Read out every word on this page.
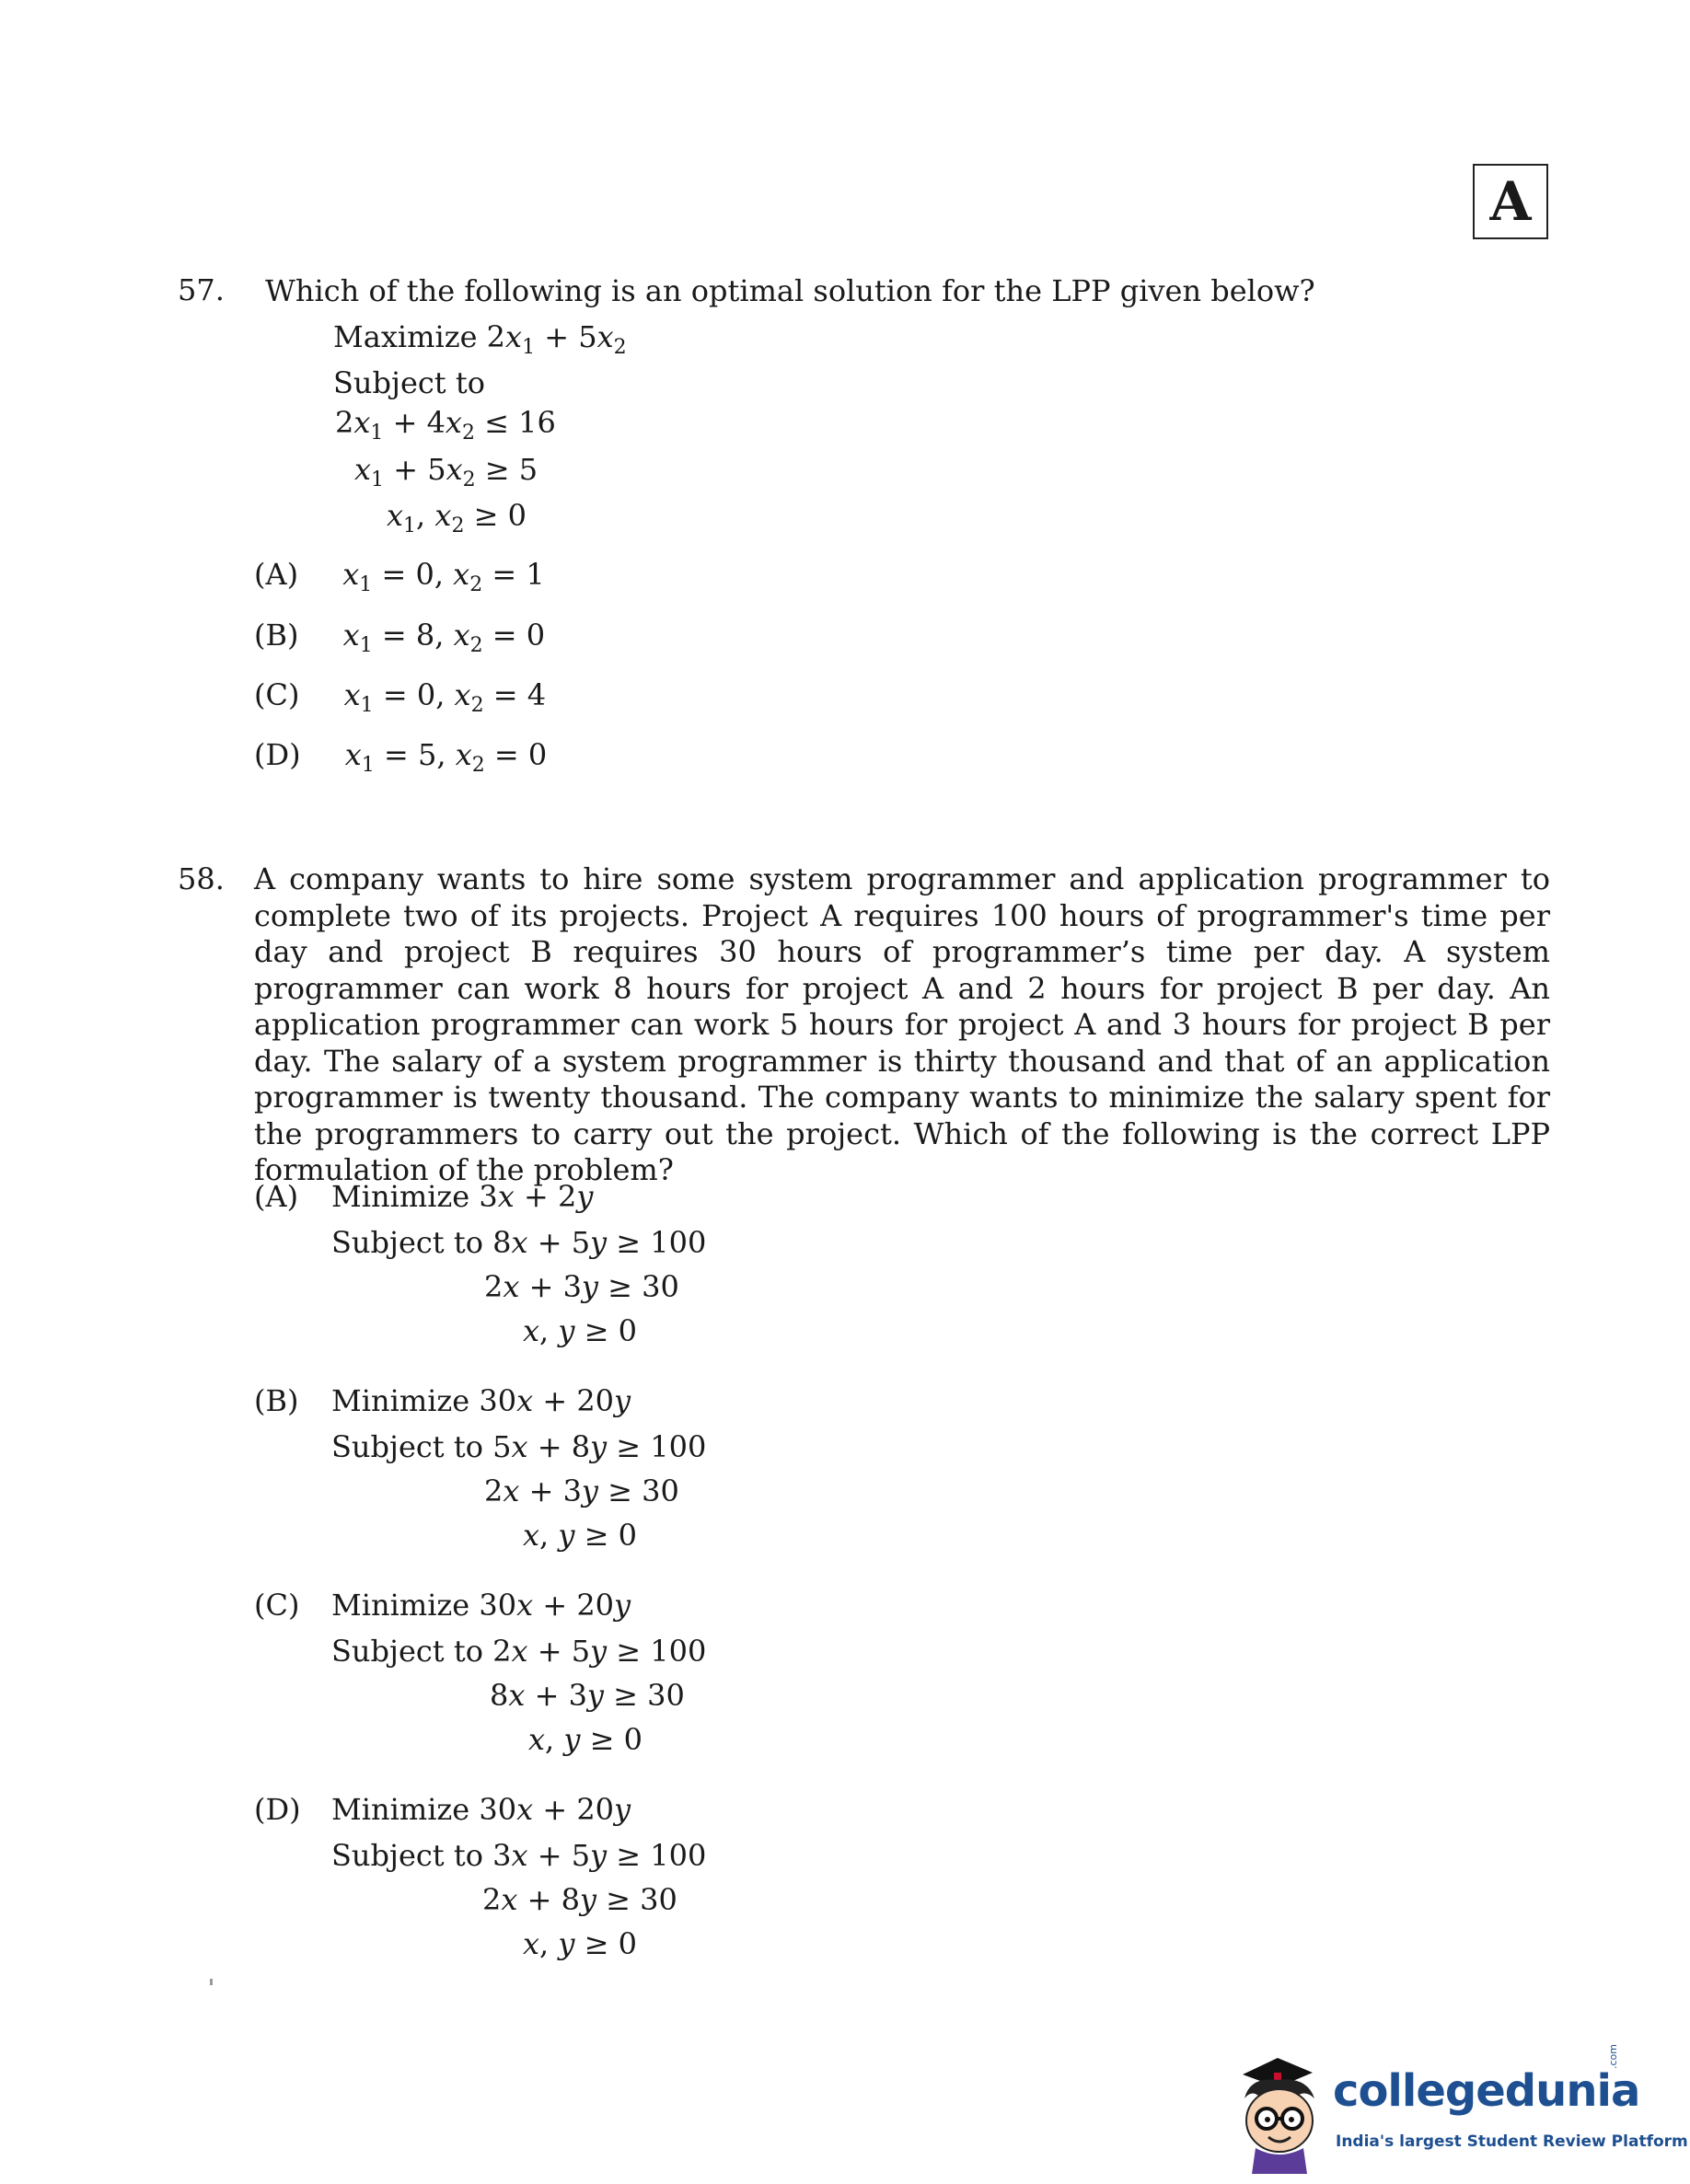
A
57. Which of the following is an optimal solution for the LPP given below?
Maximize $2x_1 + 5x_2$
Subject to
$2x_1 + 4x_2 \le 16$
$x_1 + 5x_2 \ge 5$
$x_1$, $x_2 \ge 0$
(A) $x_1 = 0$, $x_2 = 1$
(B) $x_1 = 8$, $x_2 = 0$
(C) $x_1 = 0$, $x_2 = 4$
(D) $x_1 = 5$, $x_2 = 0$
58. A company wants to hire some system programmer and application programmer to complete two of its projects. Project A requires 100 hours of programmer's time per day and project B requires 30 hours of programmer’s time per day. A system programmer can work 8 hours for project A and 2 hours for project B per day. An application programmer can work 5 hours for project A and 3 hours for project B per day. The salary of a system programmer is thirty thousand and that of an application programmer is twenty thousand. The company wants to minimize the salary spent for the programmers to carry out the project. Which of the following is the correct LPP formulation of the problem?
(A) Minimize 3x + 2y
Subject to 8x + 5y ≥ 100
2x + 3y ≥ 30
x, y ≥ 0
(B) Minimize 30x + 20y
Subject to 5x + 8y ≥ 100
2x + 3y ≥ 30
x, y ≥ 0
(C) Minimize 30x + 20y
Subject to 2x + 5y ≥ 100
8x + 3y ≥ 30
x, y ≥ 0
(D) Minimize 30x + 20y
Subject to 3x + 5y ≥ 100
2x + 8y ≥ 30
x, y ≥ 0
collegedunia
.com
India's largest Student Review Platform
